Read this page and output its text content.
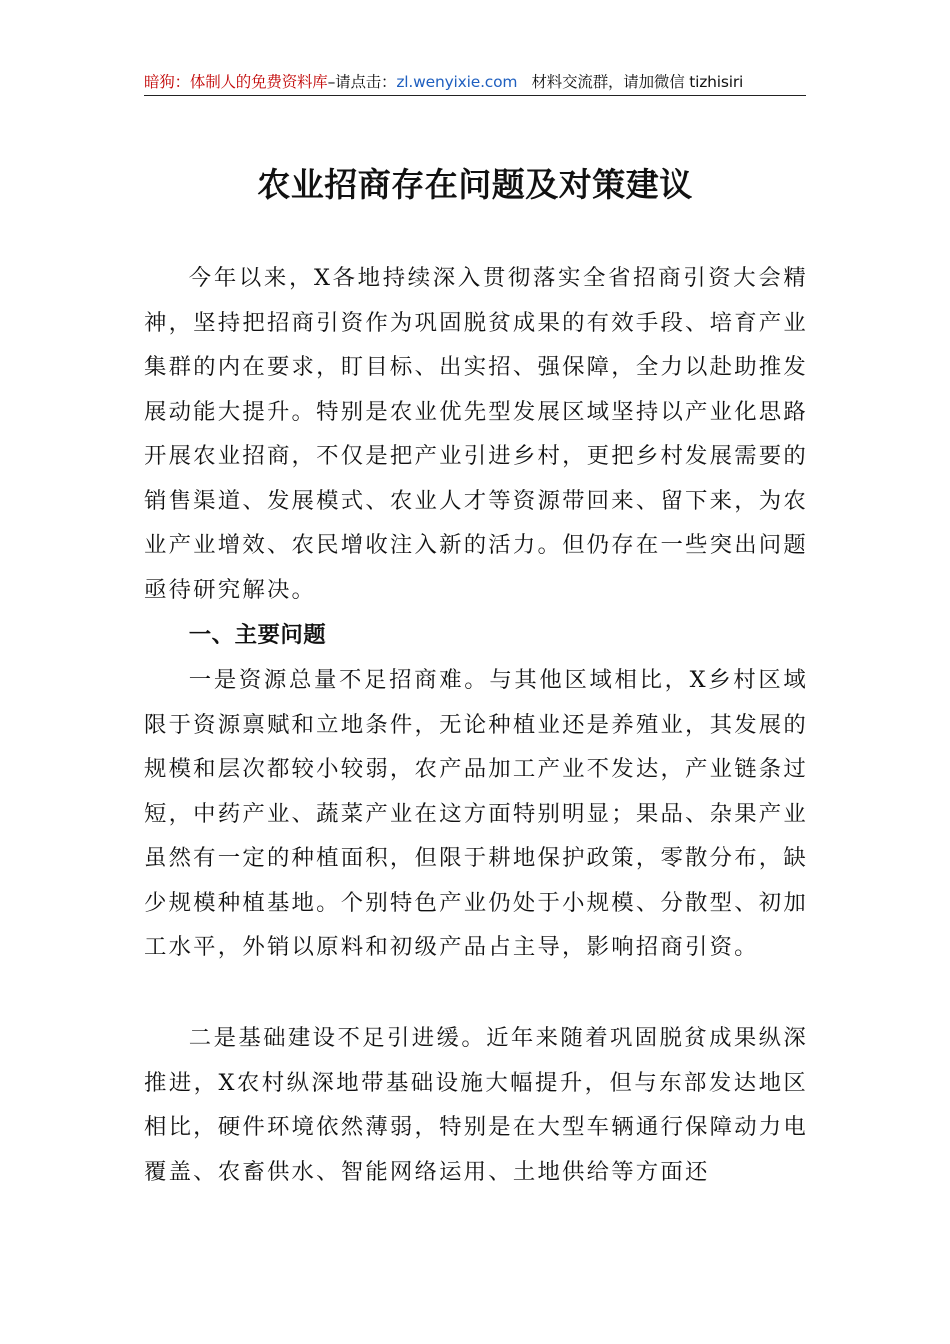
暗狗：体制人的免费资料库–请点击：zl.wenyixie.com 材料交流群，请加微信 tizhisiri
农业招商存在问题及对策建议

今年以来，X各地持续深入贯彻落实全省招商引资大会精神，坚持把招商引资作为巩固脱贫成果的有效手段、培育产业集群的内在要求，盯目标、出实招、强保障，全力以赴助推发展动能大提升。特别是农业优先型发展区域坚持以产业化思路开展农业招商，不仅是把产业引进乡村，更把乡村发展需要的销售渠道、发展模式、农业人才等资源带回来、留下来，为农业产业增效、农民增收注入新的活力。但仍存在一些突出问题亟待研究解决。

一、主要问题

一是资源总量不足招商难。与其他区域相比，X乡村区域限于资源禀赋和立地条件，无论种植业还是养殖业，其发展的规模和层次都较小较弱，农产品加工产业不发达，产业链条过短，中药产业、蔬菜产业在这方面特别明显；果品、杂果产业虽然有一定的种植面积，但限于耕地保护政策，零散分布，缺少规模种植基地。个别特色产业仍处于小规模、分散型、初加工水平，外销以原料和初级产品占主导，影响招商引资。

二是基础建设不足引进缓。近年来随着巩固脱贫成果纵深推进，X农村纵深地带基础设施大幅提升，但与东部发达地区相比，硬件环境依然薄弱，特别是在大型车辆通行保障动力电覆盖、农畜供水、智能网络运用、土地供给等方面还
